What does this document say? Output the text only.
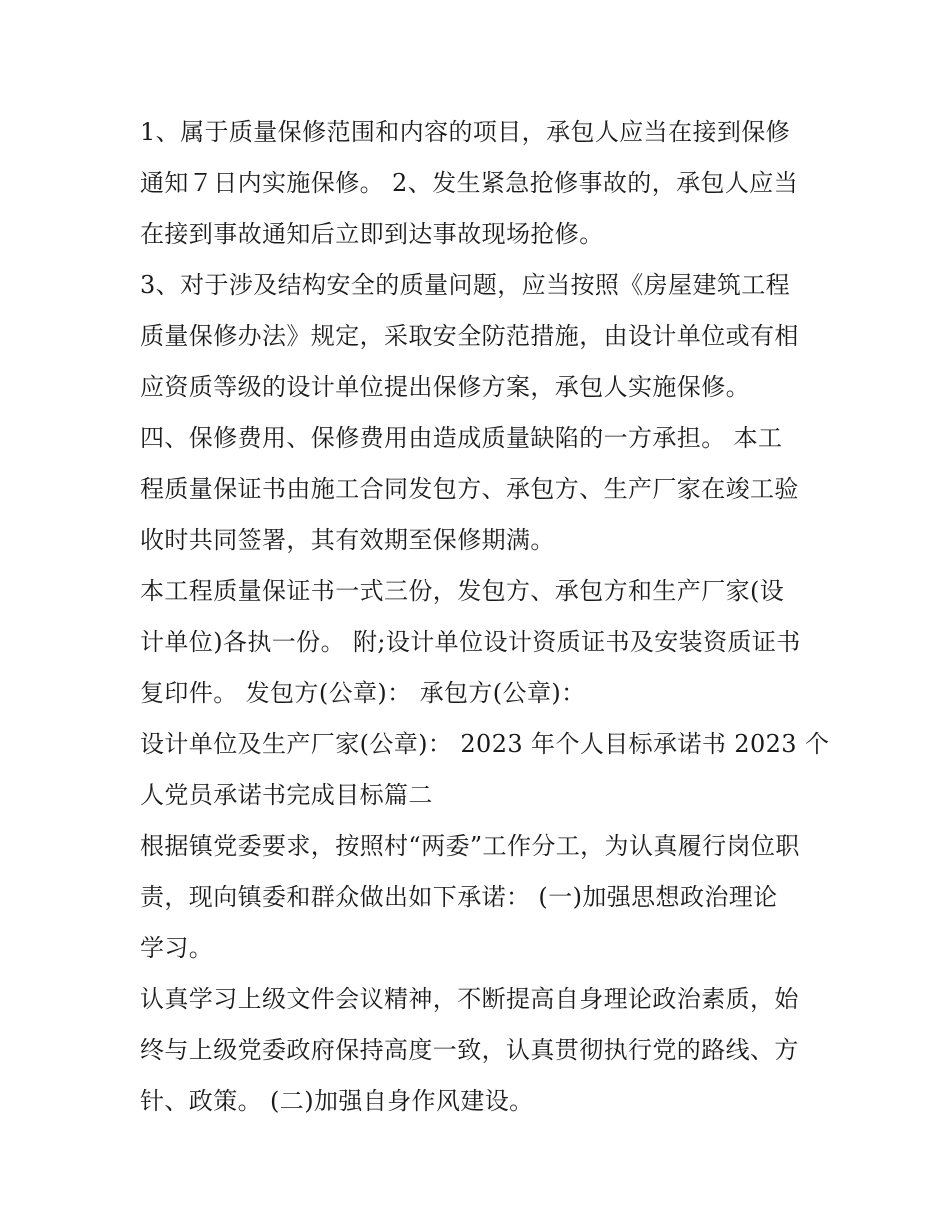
1、属于质量保修范围和内容的项目，承包人应当在接到保修
通知７日内实施保修。 2、发生紧急抢修事故的，承包人应当
在接到事故通知后立即到达事故现场抢修。
3、对于涉及结构安全的质量问题，应当按照《房屋建筑工程
质量保修办法》规定，采取安全防范措施，由设计单位或有相
应资质等级的设计单位提出保修方案，承包人实施保修。
四、保修费用、保修费用由造成质量缺陷的一方承担。 本工
程质量保证书由施工合同发包方、承包方、生产厂家在竣工验
收时共同签署，其有效期至保修期满。
本工程质量保证书一式三份，发包方、承包方和生产厂家(设
计单位)各执一份。 附;设计单位设计资质证书及安装资质证书
复印件。 发包方(公章)： 承包方(公章)：
设计单位及生产厂家(公章)： 2023 年个人目标承诺书 2023 个
人党员承诺书完成目标篇二
根据镇党委要求，按照村“两委”工作分工，为认真履行岗位职
责，现向镇委和群众做出如下承诺： (一)加强思想政治理论
学习。
认真学习上级文件会议精神，不断提高自身理论政治素质，始
终与上级党委政府保持高度一致，认真贯彻执行党的路线、方
针、政策。 (二)加强自身作风建设。
